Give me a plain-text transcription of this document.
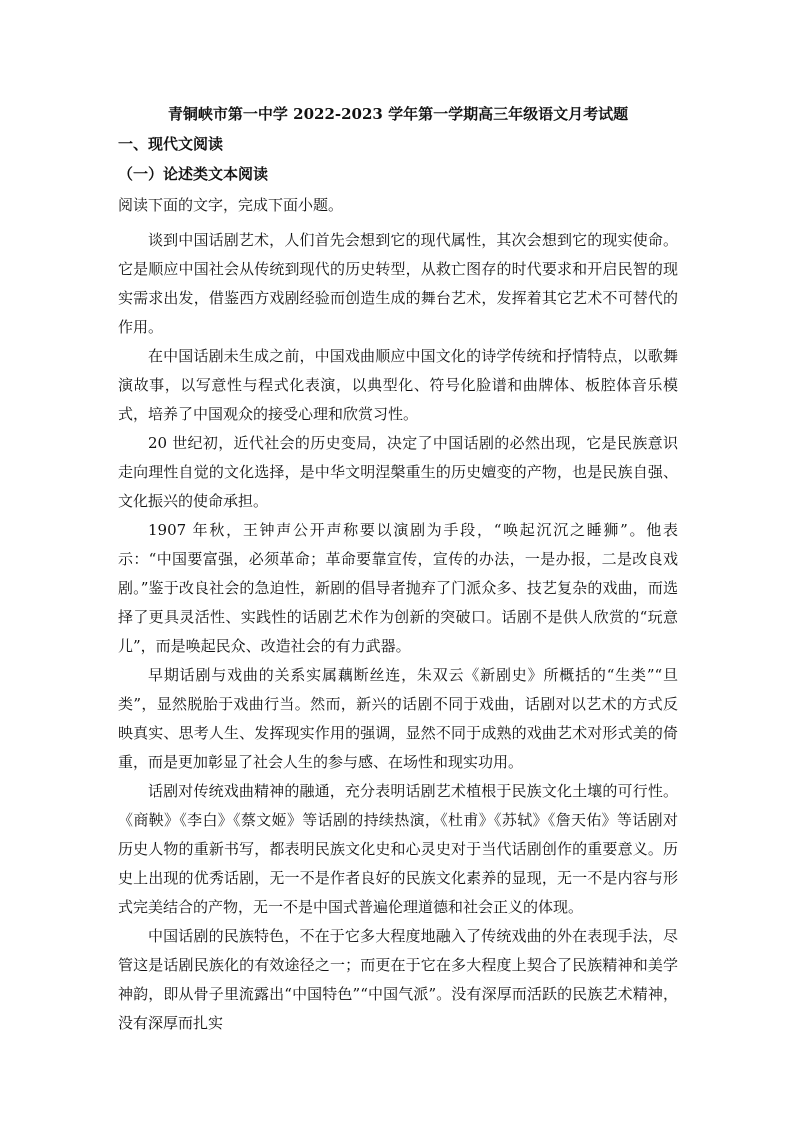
青铜峡市第一中学 2022-2023 学年第一学期高三年级语文月考试题
一、现代文阅读
（一）论述类文本阅读
阅读下面的文字，完成下面小题。

谈到中国话剧艺术，人们首先会想到它的现代属性，其次会想到它的现实使命。它是顺应中国社会从传统到现代的历史转型，从救亡图存的时代要求和开启民智的现实需求出发，借鉴西方戏剧经验而创造生成的舞台艺术，发挥着其它艺术不可替代的作用。

在中国话剧未生成之前，中国戏曲顺应中国文化的诗学传统和抒情特点，以歌舞演故事，以写意性与程式化表演，以典型化、符号化脸谱和曲牌体、板腔体音乐模式，培养了中国观众的接受心理和欣赏习性。

20 世纪初，近代社会的历史变局，决定了中国话剧的必然出现，它是民族意识走向理性自觉的文化选择，是中华文明涅槃重生的历史嬗变的产物，也是民族自强、文化振兴的使命承担。

1907 年秋，王钟声公开声称要以演剧为手段，“唤起沉沉之睡狮”。他表示：“中国要富强，必须革命；革命要靠宣传，宣传的办法，一是办报，二是改良戏剧。”鉴于改良社会的急迫性，新剧的倡导者抛弃了门派众多、技艺复杂的戏曲，而选择了更具灵活性、实践性的话剧艺术作为创新的突破口。话剧不是供人欣赏的“玩意儿”，而是唤起民众、改造社会的有力武器。

早期话剧与戏曲的关系实属藕断丝连，朱双云《新剧史》所概括的“生类”“旦类”，显然脱胎于戏曲行当。然而，新兴的话剧不同于戏曲，话剧对以艺术的方式反映真实、思考人生、发挥现实作用的强调，显然不同于成熟的戏曲艺术对形式美的倚重，而是更加彰显了社会人生的参与感、在场性和现实功用。

话剧对传统戏曲精神的融通，充分表明话剧艺术植根于民族文化土壤的可行性。《商鞅》《李白》《蔡文姬》等话剧的持续热演，《杜甫》《苏轼》《詹天佑》等话剧对历史人物的重新书写，都表明民族文化史和心灵史对于当代话剧创作的重要意义。历史上出现的优秀话剧，无一不是作者良好的民族文化素养的显现，无一不是内容与形式完美结合的产物，无一不是中国式普遍伦理道德和社会正义的体现。

中国话剧的民族特色，不在于它多大程度地融入了传统戏曲的外在表现手法，尽管这是话剧民族化的有效途径之一；而更在于它在多大程度上契合了民族精神和美学神韵，即从骨子里流露出“中国特色”“中国气派”。没有深厚而活跃的民族艺术精神，没有深厚而扎实
